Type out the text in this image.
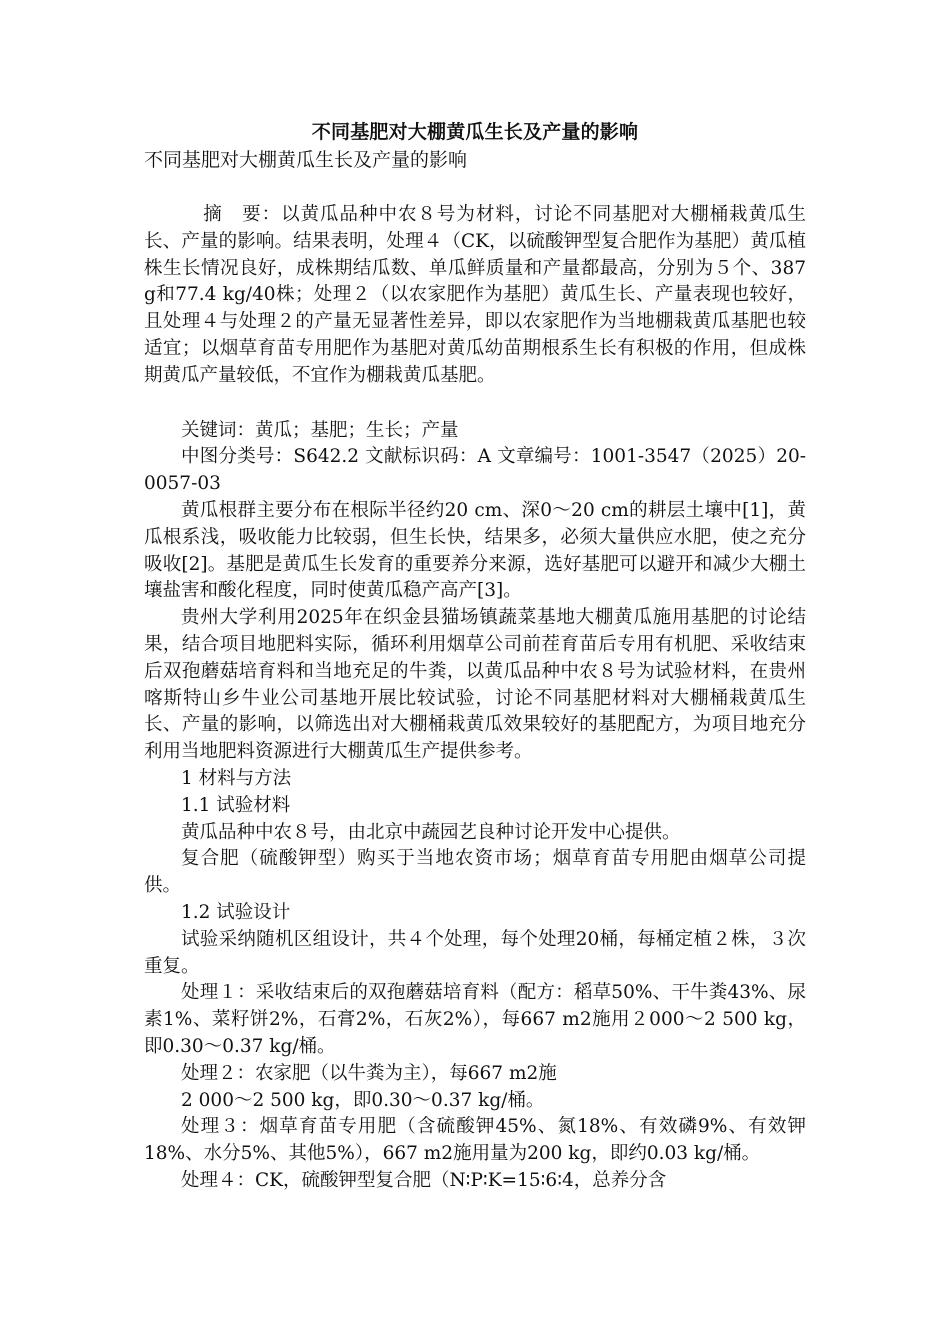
不同基肥对大棚黄瓜生长及产量的影响
不同基肥对大棚黄瓜生长及产量的影响

摘　要：以黄瓜品种中农８号为材料，讨论不同基肥对大棚桶栽黄瓜生长、产量的影响。结果表明，处理４（CK，以硫酸钾型复合肥作为基肥）黄瓜植株生长情况良好，成株期结瓜数、单瓜鲜质量和产量都最高，分别为５个、387 g和77.4 kg/40株；处理２（以农家肥作为基肥）黄瓜生长、产量表现也较好，且处理４与处理２的产量无显著性差异，即以农家肥作为当地棚栽黄瓜基肥也较适宜；以烟草育苗专用肥作为基肥对黄瓜幼苗期根系生长有积极的作用，但成株期黄瓜产量较低，不宜作为棚栽黄瓜基肥。

关键词：黄瓜；基肥；生长；产量

中图分类号：S642.2 文献标识码：A 文章编号：1001-3547（2025）20-0057-03

黄瓜根群主要分布在根际半径约20 cm、深0～20 cm的耕层土壤中[1]，黄瓜根系浅，吸收能力比较弱，但生长快，结果多，必须大量供应水肥，使之充分吸收[2]。基肥是黄瓜生长发育的重要养分来源，选好基肥可以避开和减少大棚土壤盐害和酸化程度，同时使黄瓜稳产高产[3]。

贵州大学利用2025年在织金县猫场镇蔬菜基地大棚黄瓜施用基肥的讨论结果，结合项目地肥料实际，循环利用烟草公司前茬育苗后专用有机肥、采收结束后双孢蘑菇培育料和当地充足的牛粪，以黄瓜品种中农８号为试验材料，在贵州喀斯特山乡牛业公司基地开展比较试验，讨论不同基肥材料对大棚桶栽黄瓜生长、产量的影响，以筛选出对大棚桶栽黄瓜效果较好的基肥配方，为项目地充分利用当地肥料资源进行大棚黄瓜生产提供参考。

1 材料与方法

1.1 试验材料

黄瓜品种中农８号，由北京中蔬园艺良种讨论开发中心提供。

复合肥（硫酸钾型）购买于当地农资市场；烟草育苗专用肥由烟草公司提供。

1.2 试验设计

试验采纳随机区组设计，共４个处理，每个处理20桶，每桶定植２株，３次重复。

处理１：采收结束后的双孢蘑菇培育料（配方：稻草50%、干牛粪43%、尿素1%、菜籽饼2%，石膏2%，石灰2%），每667 m2施用２000～2 500 kg，即0.30～0.37 kg/桶。

处理２：农家肥（以牛粪为主），每667 m2施

2 000～2 500 kg，即0.30～0.37 kg/桶。

处理３：烟草育苗专用肥（含硫酸钾45%、氮18%、有效磷9%、有效钾18%、水分5%、其他5%），667 m2施用量为200 kg，即约0.03 kg/桶。

处理４：CK，硫酸钾型复合肥（N∶P∶K=15∶6∶4，总养分含
